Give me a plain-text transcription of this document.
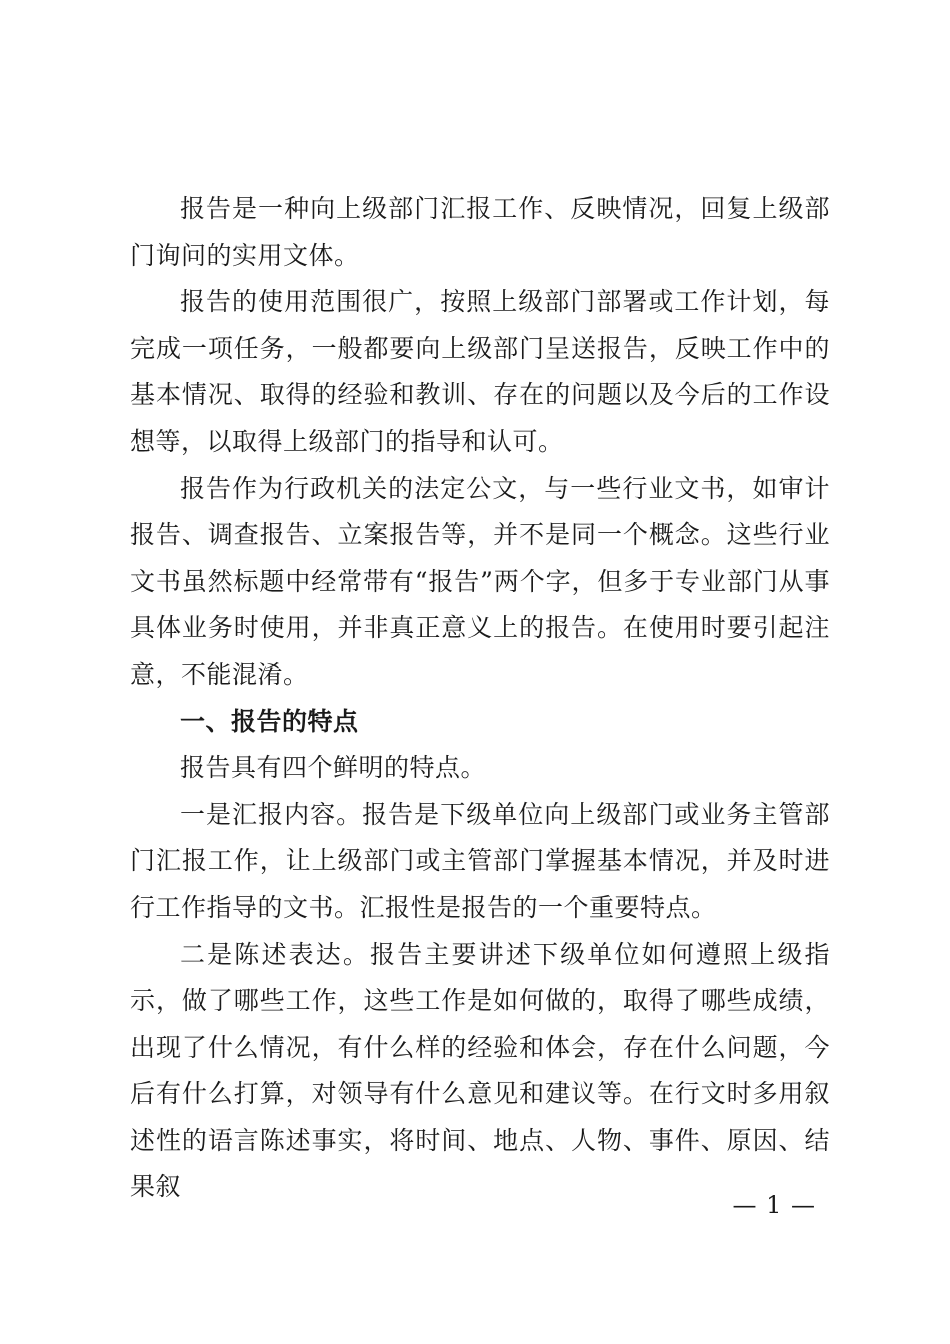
报告是一种向上级部门汇报工作、反映情况，回复上级部门询问的实用文体。

报告的使用范围很广，按照上级部门部署或工作计划，每完成一项任务，一般都要向上级部门呈送报告，反映工作中的基本情况、取得的经验和教训、存在的问题以及今后的工作设想等，以取得上级部门的指导和认可。

报告作为行政机关的法定公文，与一些行业文书，如审计报告、调查报告、立案报告等，并不是同一个概念。这些行业文书虽然标题中经常带有“报告”两个字，但多于专业部门从事具体业务时使用，并非真正意义上的报告。在使用时要引起注意，不能混淆。

一、报告的特点

报告具有四个鲜明的特点。

一是汇报内容。报告是下级单位向上级部门或业务主管部门汇报工作，让上级部门或主管部门掌握基本情况，并及时进行工作指导的文书。汇报性是报告的一个重要特点。

二是陈述表达。报告主要讲述下级单位如何遵照上级指示，做了哪些工作，这些工作是如何做的，取得了哪些成绩，出现了什么情况，有什么样的经验和体会，存在什么问题，今后有什么打算，对领导有什么意见和建议等。在行文时多用叙述性的语言陈述事实，将时间、地点、人物、事件、原因、结果叙

— 1 —
